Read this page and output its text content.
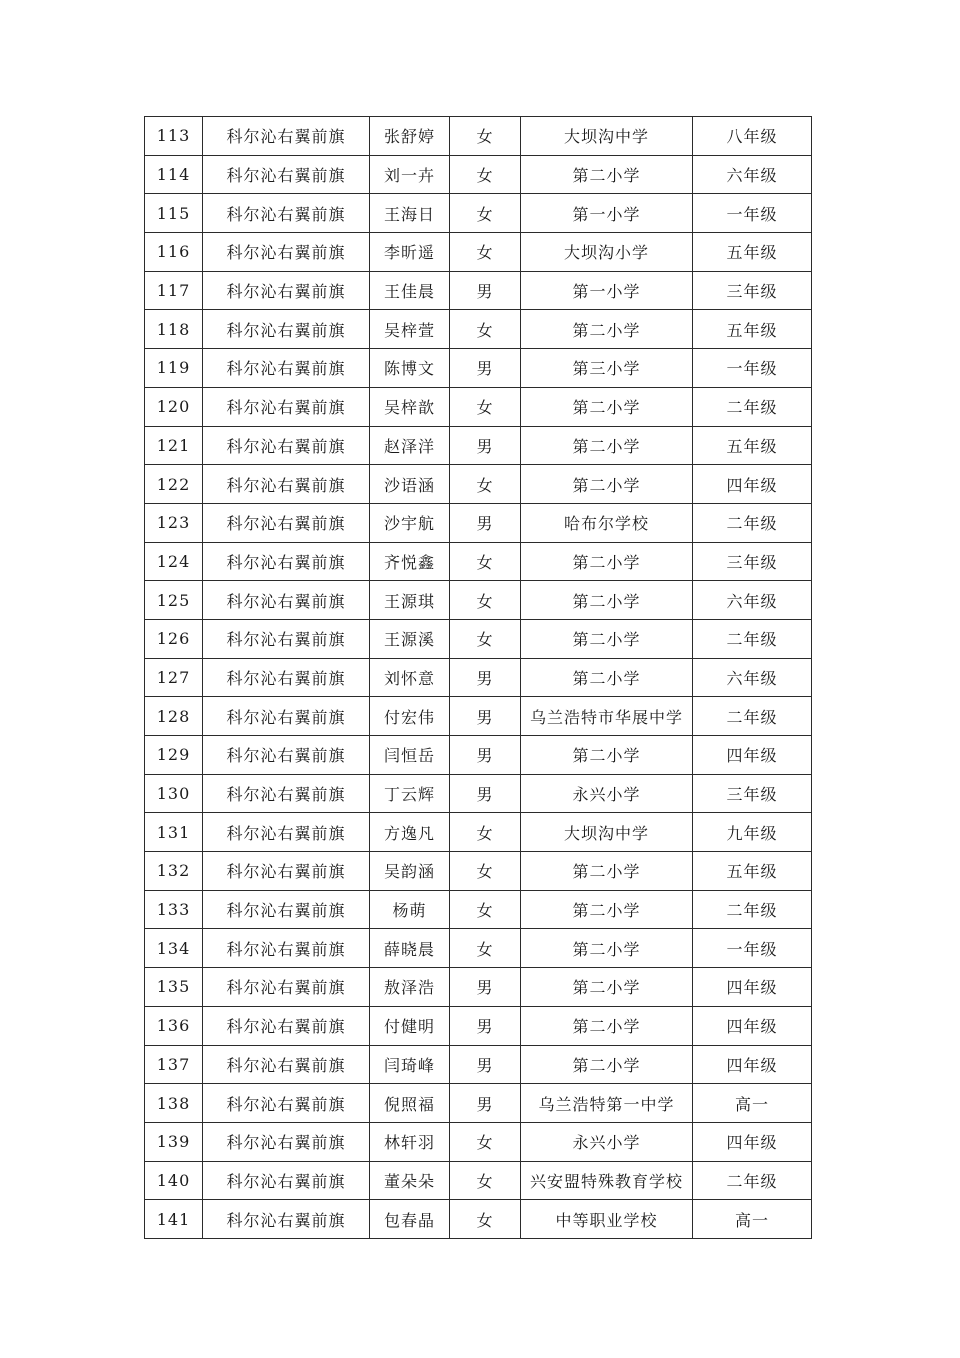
113	科尔沁右翼前旗	张舒婷	女	大坝沟中学	八年级
114	科尔沁右翼前旗	刘一卉	女	第二小学	六年级
115	科尔沁右翼前旗	王海日	女	第一小学	一年级
116	科尔沁右翼前旗	李昕遥	女	大坝沟小学	五年级
117	科尔沁右翼前旗	王佳晨	男	第一小学	三年级
118	科尔沁右翼前旗	吴梓萱	女	第二小学	五年级
119	科尔沁右翼前旗	陈博文	男	第三小学	一年级
120	科尔沁右翼前旗	吴梓歆	女	第二小学	二年级
121	科尔沁右翼前旗	赵泽洋	男	第二小学	五年级
122	科尔沁右翼前旗	沙语涵	女	第二小学	四年级
123	科尔沁右翼前旗	沙宇航	男	哈布尔学校	二年级
124	科尔沁右翼前旗	齐悦鑫	女	第二小学	三年级
125	科尔沁右翼前旗	王源琪	女	第二小学	六年级
126	科尔沁右翼前旗	王源溪	女	第二小学	二年级
127	科尔沁右翼前旗	刘怀意	男	第二小学	六年级
128	科尔沁右翼前旗	付宏伟	男	乌兰浩特市华展中学	二年级
129	科尔沁右翼前旗	闫恒岳	男	第二小学	四年级
130	科尔沁右翼前旗	丁云辉	男	永兴小学	三年级
131	科尔沁右翼前旗	方逸凡	女	大坝沟中学	九年级
132	科尔沁右翼前旗	吴韵涵	女	第二小学	五年级
133	科尔沁右翼前旗	杨萌	女	第二小学	二年级
134	科尔沁右翼前旗	薛晓晨	女	第二小学	一年级
135	科尔沁右翼前旗	敖泽浩	男	第二小学	四年级
136	科尔沁右翼前旗	付健明	男	第二小学	四年级
137	科尔沁右翼前旗	闫琦峰	男	第二小学	四年级
138	科尔沁右翼前旗	倪照福	男	乌兰浩特第一中学	高一
139	科尔沁右翼前旗	林轩羽	女	永兴小学	四年级
140	科尔沁右翼前旗	董朵朵	女	兴安盟特殊教育学校	二年级
141	科尔沁右翼前旗	包春晶	女	中等职业学校	高一
